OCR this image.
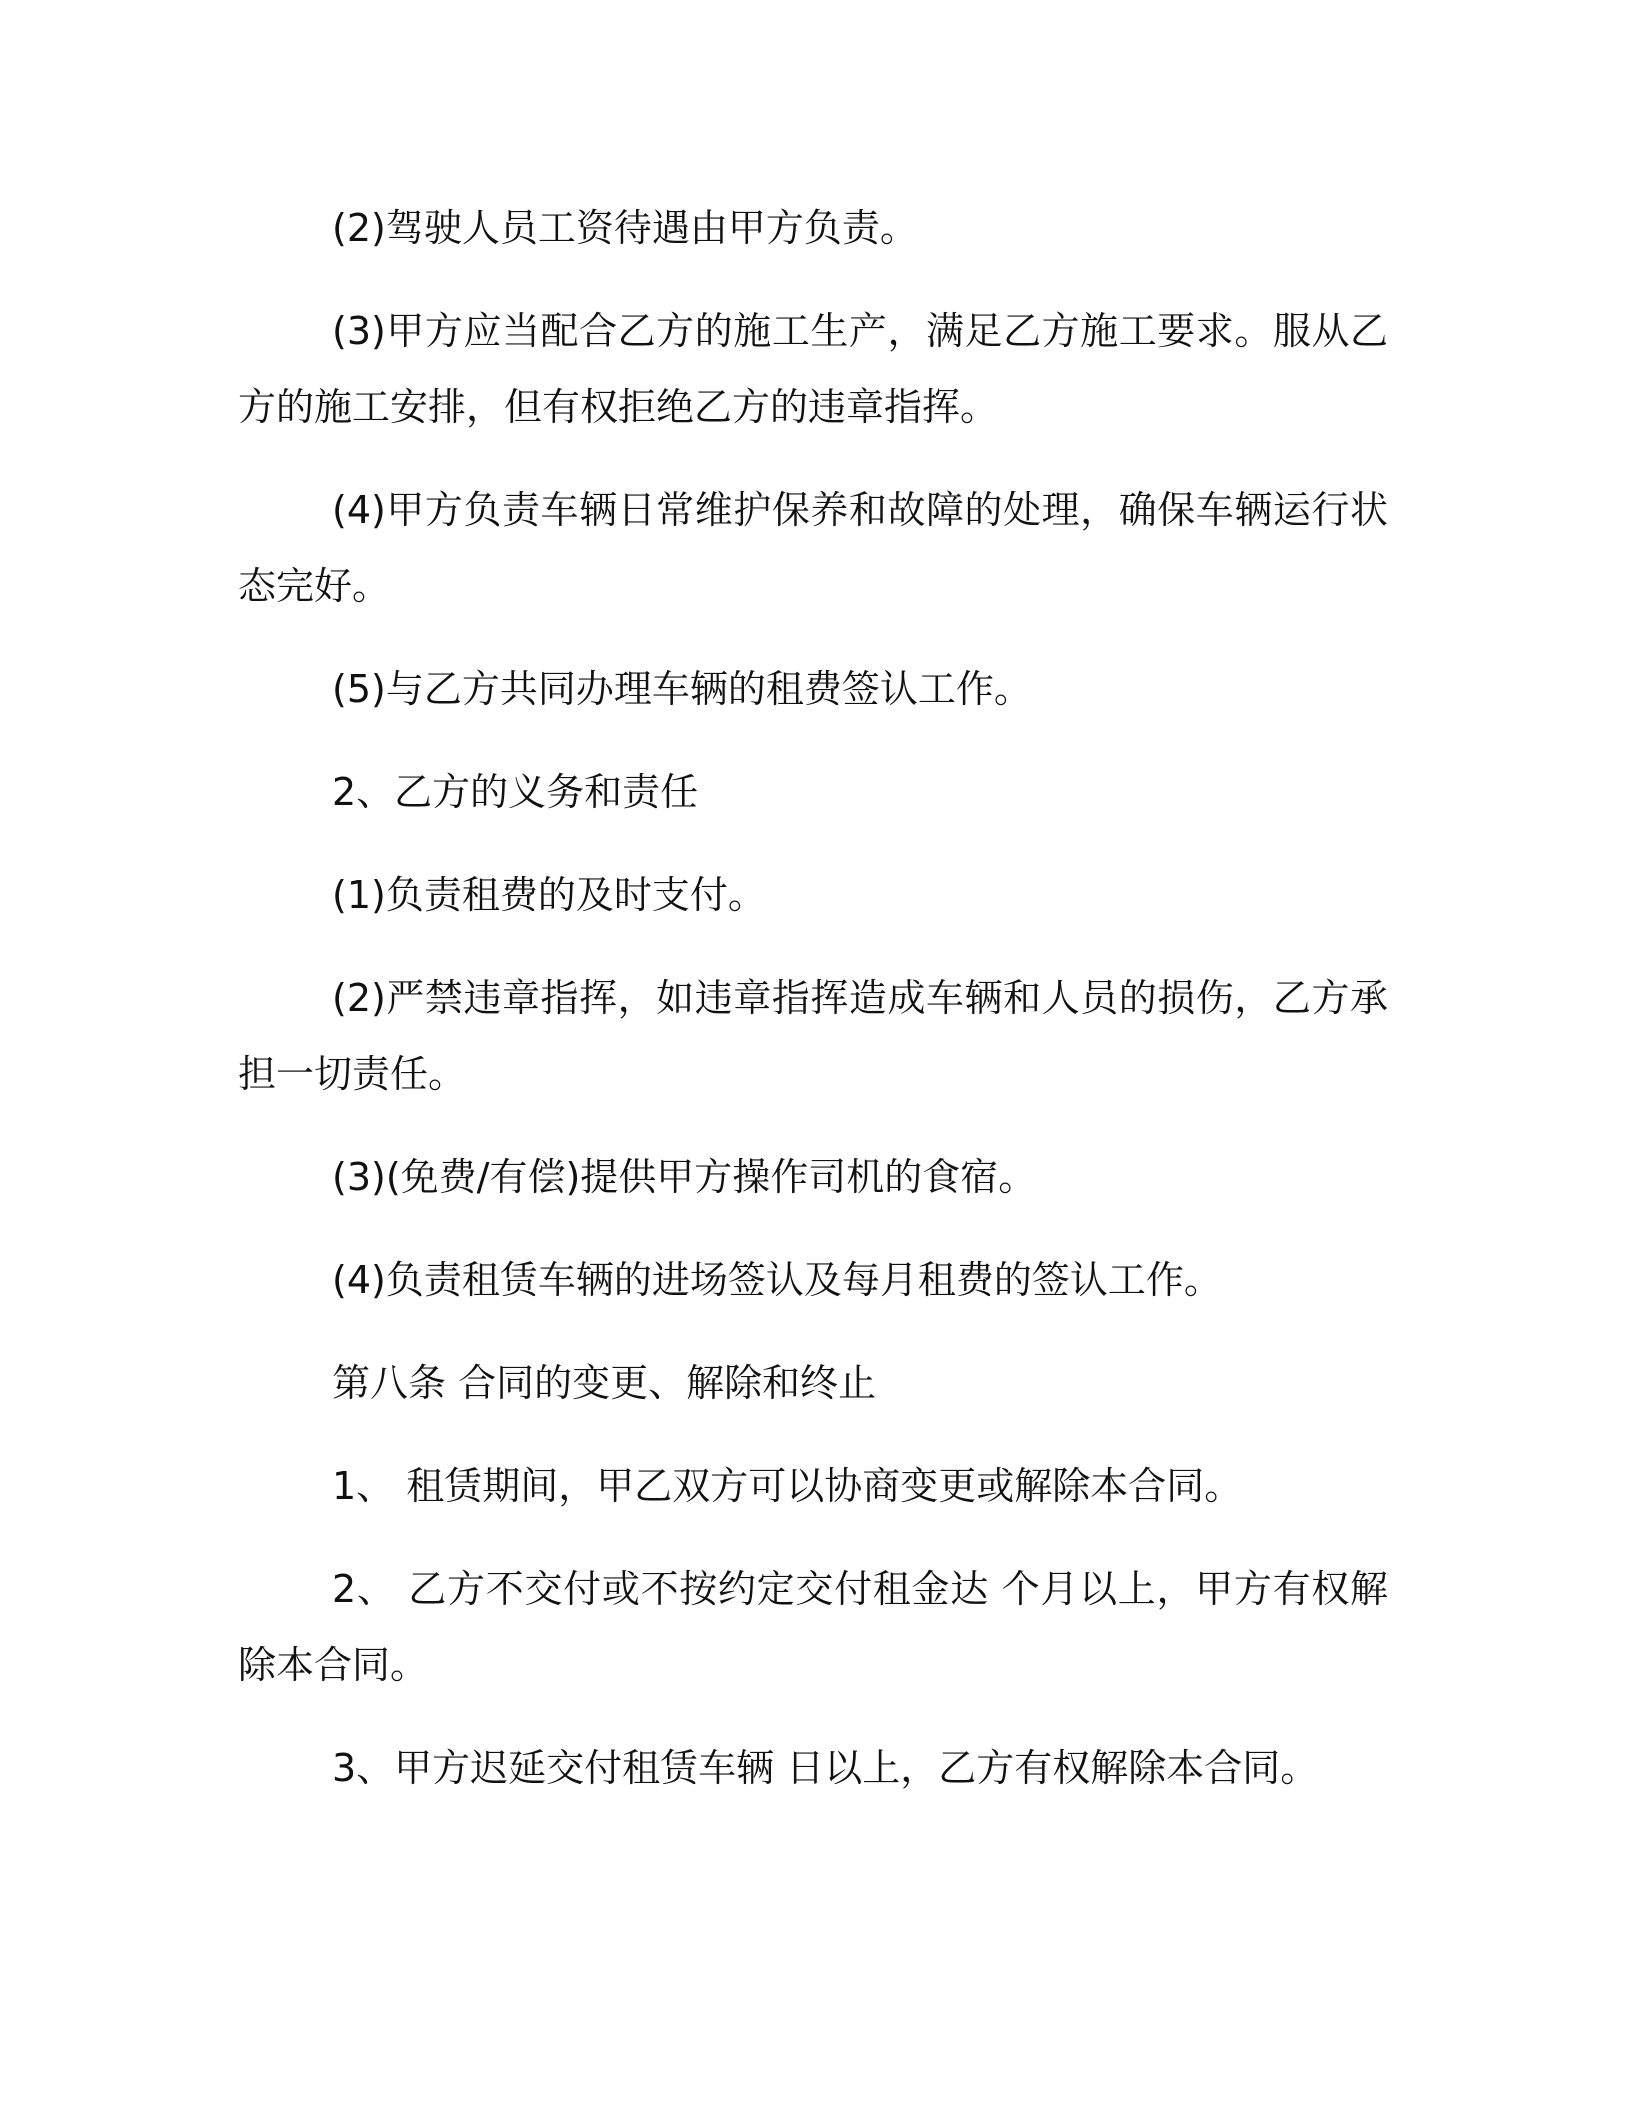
(2)驾驶人员工资待遇由甲方负责。

(3)甲方应当配合乙方的施工生产，满足乙方施工要求。服从乙方的施工安排，但有权拒绝乙方的违章指挥。

(4)甲方负责车辆日常维护保养和故障的处理，确保车辆运行状态完好。

(5)与乙方共同办理车辆的租费签认工作。

2、乙方的义务和责任

(1)负责租费的及时支付。

(2)严禁违章指挥，如违章指挥造成车辆和人员的损伤，乙方承担一切责任。

(3)(免费/有偿)提供甲方操作司机的食宿。

(4)负责租赁车辆的进场签认及每月租费的签认工作。

第八条 合同的变更、解除和终止

1、 租赁期间，甲乙双方可以协商变更或解除本合同。

2、 乙方不交付或不按约定交付租金达 个月以上，甲方有权解除本合同。

3、甲方迟延交付租赁车辆 日以上，乙方有权解除本合同。
